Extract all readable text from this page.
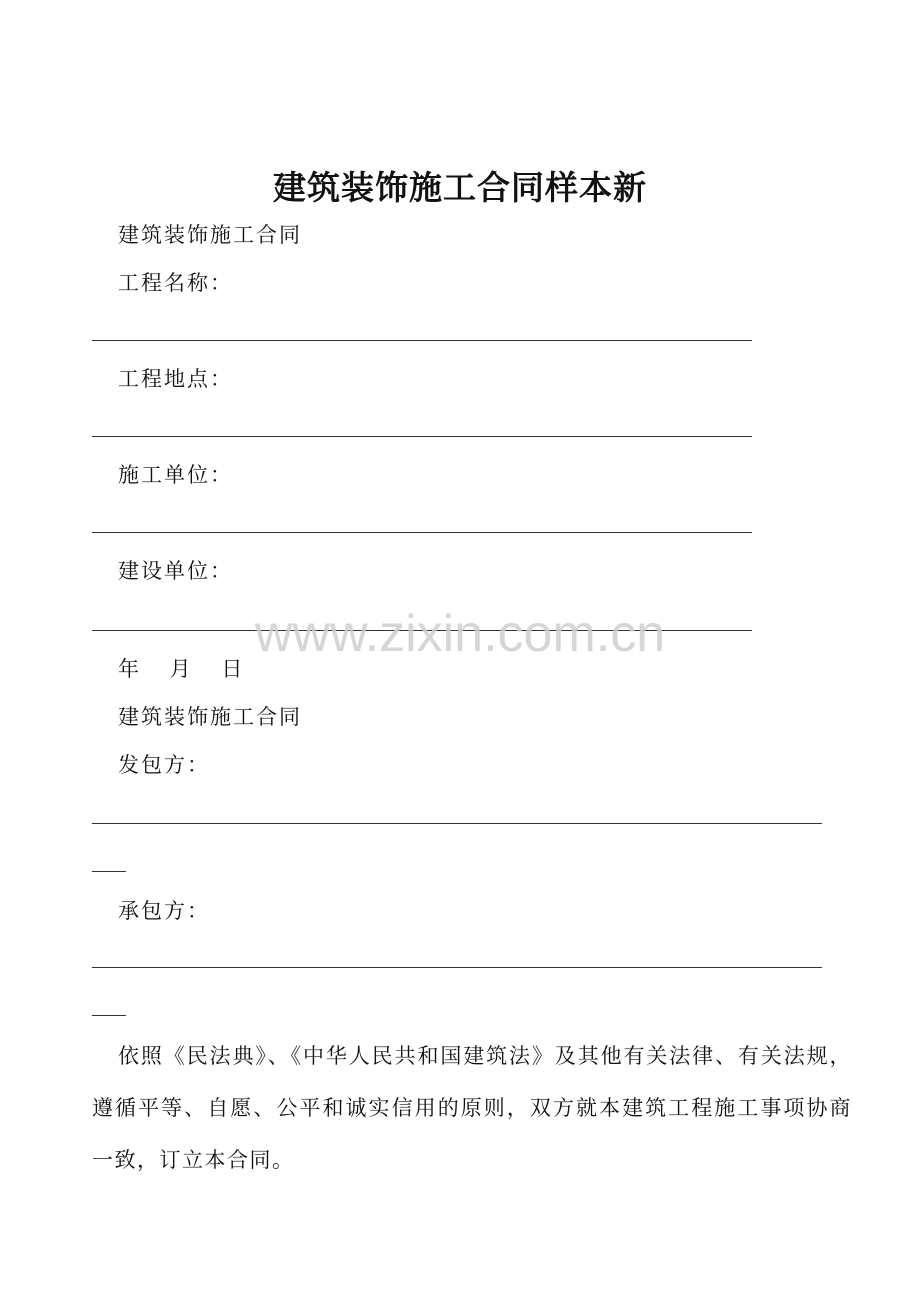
建筑装饰施工合同样本新
建筑装饰施工合同
工程名称：
工程地点：
施工单位：
建设单位：
www.zixin.com.cn
年 月 日
建筑装饰施工合同
发包方：
承包方：
依照《民法典》、《中华人民共和国建筑法》及其他有关法律、有关法规，遵循平等、自愿、公平和诚实信用的原则，双方就本建筑工程施工事项协商一致，订立本合同。
